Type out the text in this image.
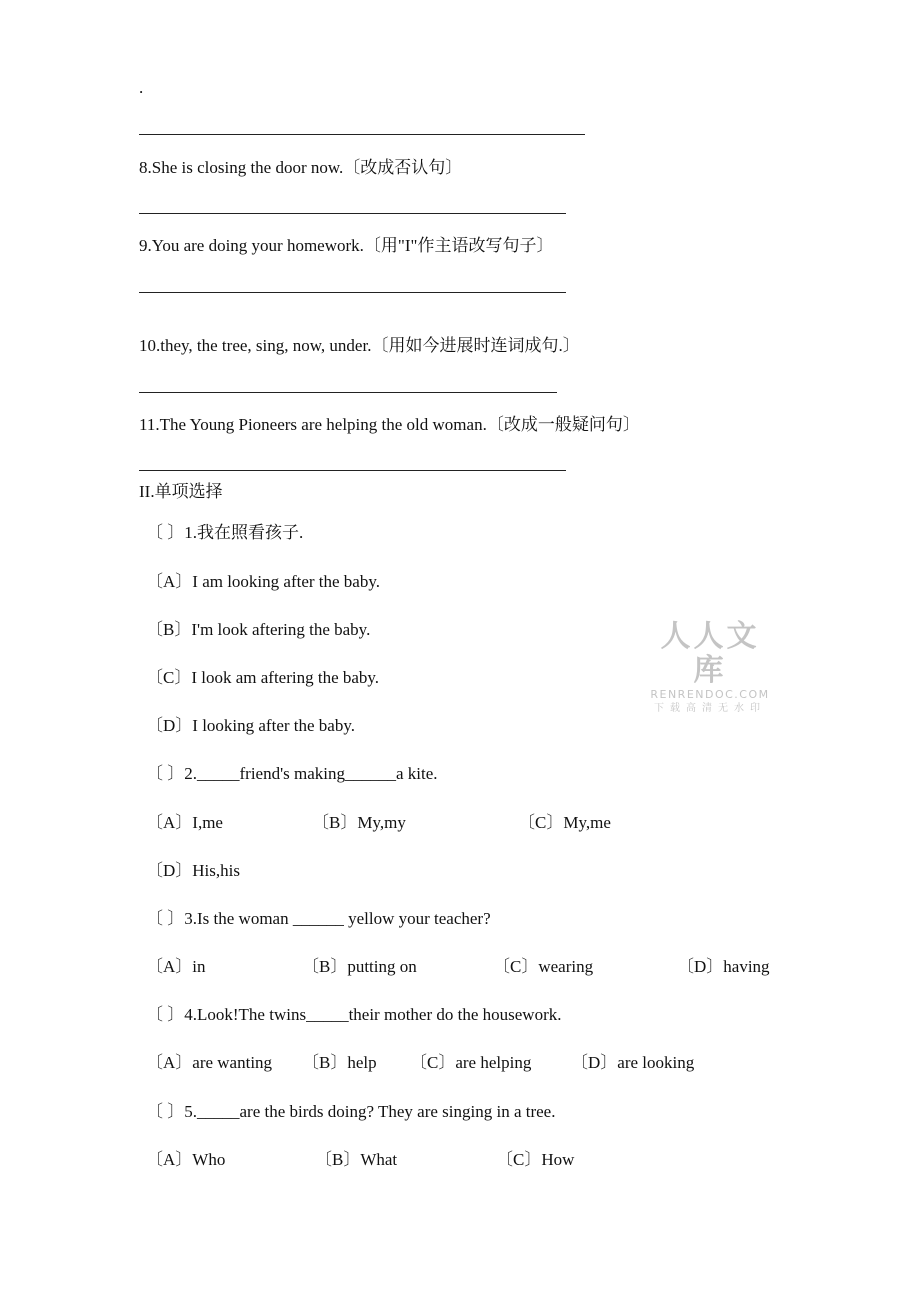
.
8.She is closing the door now.〔改成否认句〕
9.You are doing your homework.〔用"I"作主语改写句子〕
10.they, the tree, sing, now, under.〔用如今进展时连词成句.〕
11.The Young Pioneers are helping the old woman.〔改成一般疑问句〕
II.单项选择
〔 〕1.我在照看孩子.
〔A〕I am looking after the baby.
〔B〕I'm look aftering the baby.
〔C〕I look am aftering the baby.
〔D〕I looking after the baby.
〔 〕2._____friend's making______a kite.
〔A〕I,me	〔B〕My,my	〔C〕My,me
〔D〕His,his
〔 〕3.Is the woman ______ yellow your teacher?
〔A〕in	〔B〕putting on	〔C〕wearing	〔D〕having
〔 〕4.Look!The twins_____their mother do the housework.
〔A〕are wanting 〔B〕help 〔C〕are helping 〔D〕are looking
〔 〕5._____are the birds doing? They are singing in a tree.
〔A〕Who	〔B〕What	〔C〕How
人人文库
RENRENDOC.COM
下载高清无水印
